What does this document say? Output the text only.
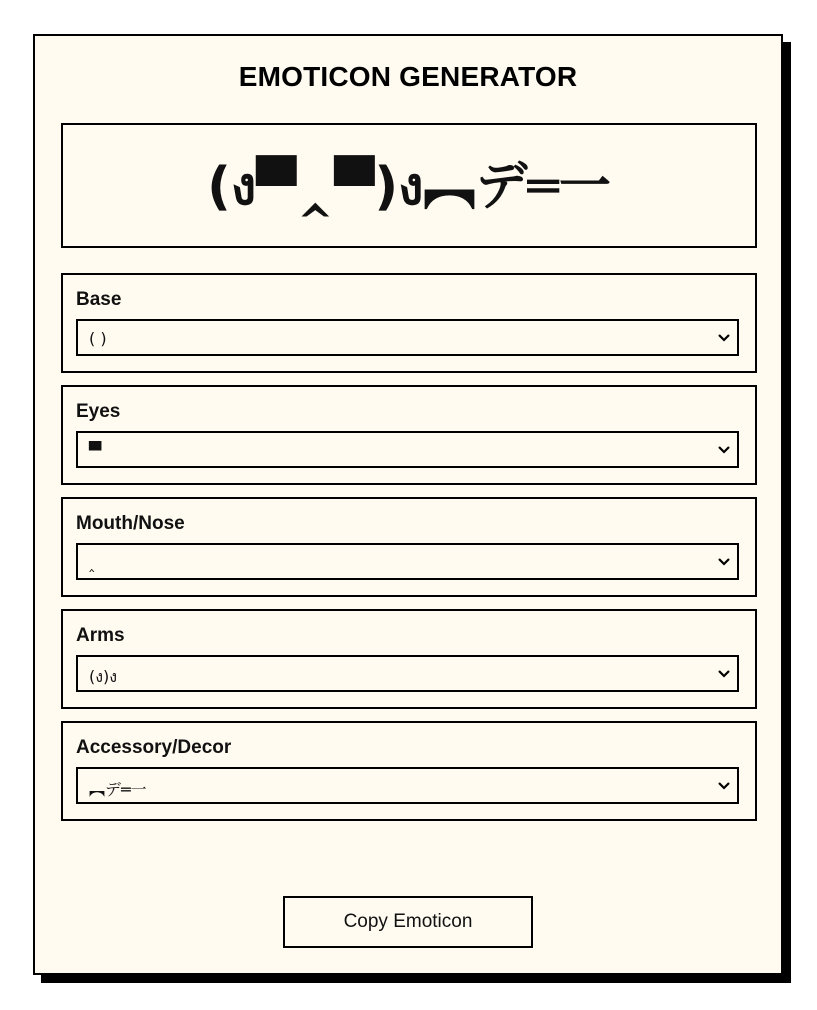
EMOTICON GENERATOR
(ง▀‸▀)ง︻デ═一
Base
( )
Eyes
▀
Mouth/Nose
‸
Arms
(ง)ง
Accessory/Decor
︻デ═一
Copy Emoticon
